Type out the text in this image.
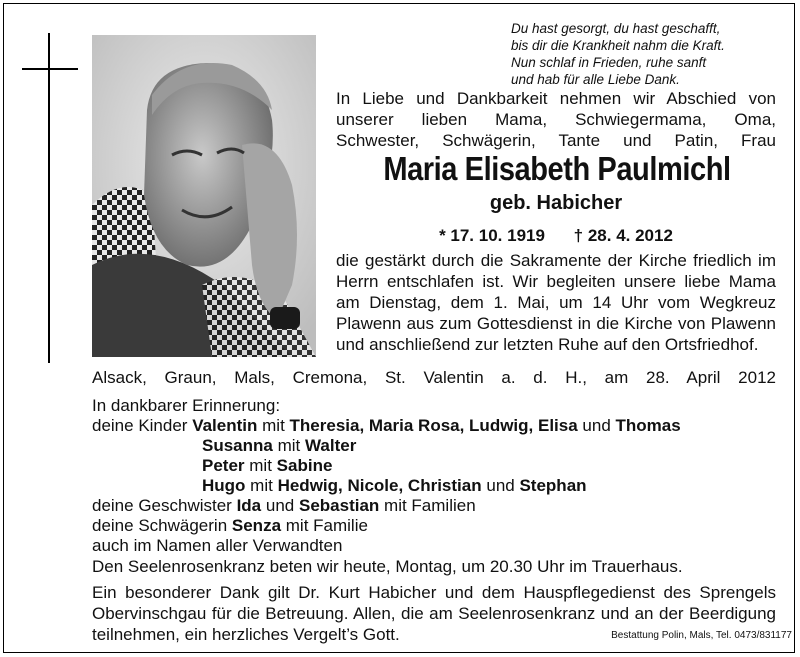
Du hast gesorgt, du hast geschafft,
bis dir die Krankheit nahm die Kraft.
Nun schlaf in Frieden, ruhe sanft
und hab für alle Liebe Dank.
In Liebe und Dankbarkeit nehmen wir Abschied von
unserer lieben Mama, Schwiegermama, Oma,
Schwester, Schwägerin, Tante und Patin, Frau
Maria Elisabeth Paulmichl
geb. Habicher
* 17. 10. 1919 † 28. 4. 2012
die gestärkt durch die Sakramente der Kirche friedlich im Herrn entschlafen ist. Wir begleiten unsere liebe Mama am Dienstag, dem 1. Mai, um 14 Uhr vom Wegkreuz Plawenn aus zum Gottesdienst in die Kirche von Plawenn und anschließend zur letzten Ruhe auf den Ortsfriedhof.
Alsack, Graun, Mals, Cremona, St. Valentin a. d. H., am 28. April 2012
In dankbarer Erinnerung:
deine Kinder Valentin mit Theresia, Maria Rosa, Ludwig, Elisa und Thomas
Susanna mit Walter
Peter mit Sabine
Hugo mit Hedwig, Nicole, Christian und Stephan
deine Geschwister Ida und Sebastian mit Familien
deine Schwägerin Senza mit Familie
auch im Namen aller Verwandten
Den Seelenrosenkranz beten wir heute, Montag, um 20.30 Uhr im Trauerhaus.
Ein besonderer Dank gilt Dr. Kurt Habicher und dem Hauspflegedienst des Sprengels Obervinschgau für die Betreuung. Allen, die am Seelenrosenkranz und an der Beerdigung teilnehmen, ein herzliches Vergelt’s Gott.	Bestattung Polin, Mals, Tel. 0473/831177
